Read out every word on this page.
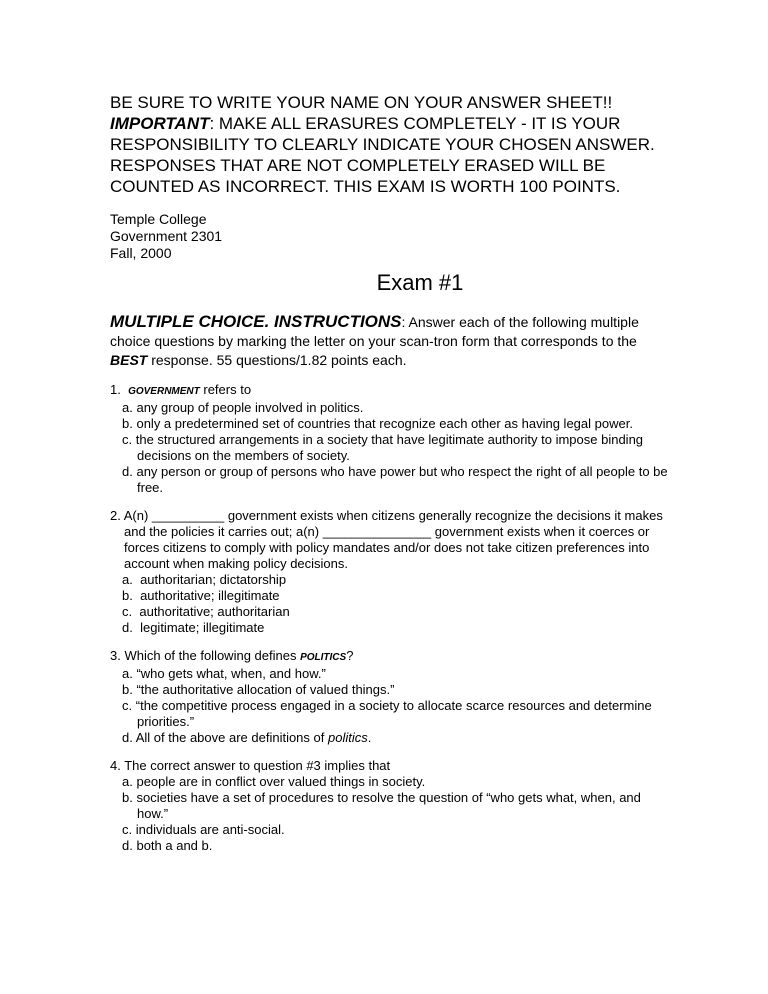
BE SURE TO WRITE YOUR NAME ON YOUR ANSWER SHEET!!
IMPORTANT: MAKE ALL ERASURES COMPLETELY - IT IS YOUR RESPONSIBILITY TO CLEARLY INDICATE YOUR CHOSEN ANSWER. RESPONSES THAT ARE NOT COMPLETELY ERASED WILL BE COUNTED AS INCORRECT. THIS EXAM IS WORTH 100 POINTS.

Temple College
Government 2301
Fall, 2000
Exam #1
MULTIPLE CHOICE. INSTRUCTIONS: Answer each of the following multiple choice questions by marking the letter on your scan-tron form that corresponds to the BEST response. 55 questions/1.82 points each.
1. GOVERNMENT refers to
a. any group of people involved in politics.
b. only a predetermined set of countries that recognize each other as having legal power.
c. the structured arrangements in a society that have legitimate authority to impose binding decisions on the members of society.
d. any person or group of persons who have power but who respect the right of all people to be free.
2. A(n) __________ government exists when citizens generally recognize the decisions it makes and the policies it carries out; a(n) _______________ government exists when it coerces or forces citizens to comply with policy mandates and/or does not take citizen preferences into account when making policy decisions.
a. authoritarian; dictatorship
b. authoritative; illegitimate
c. authoritative; authoritarian
d. legitimate; illegitimate
3. Which of the following defines POLITICS?
a. “who gets what, when, and how.”
b. “the authoritative allocation of valued things.”
c. “the competitive process engaged in a society to allocate scarce resources and determine priorities.”
d. All of the above are definitions of politics.
4. The correct answer to question #3 implies that
a. people are in conflict over valued things in society.
b. societies have a set of procedures to resolve the question of “who gets what, when, and how.”
c. individuals are anti-social.
d. both a and b.
